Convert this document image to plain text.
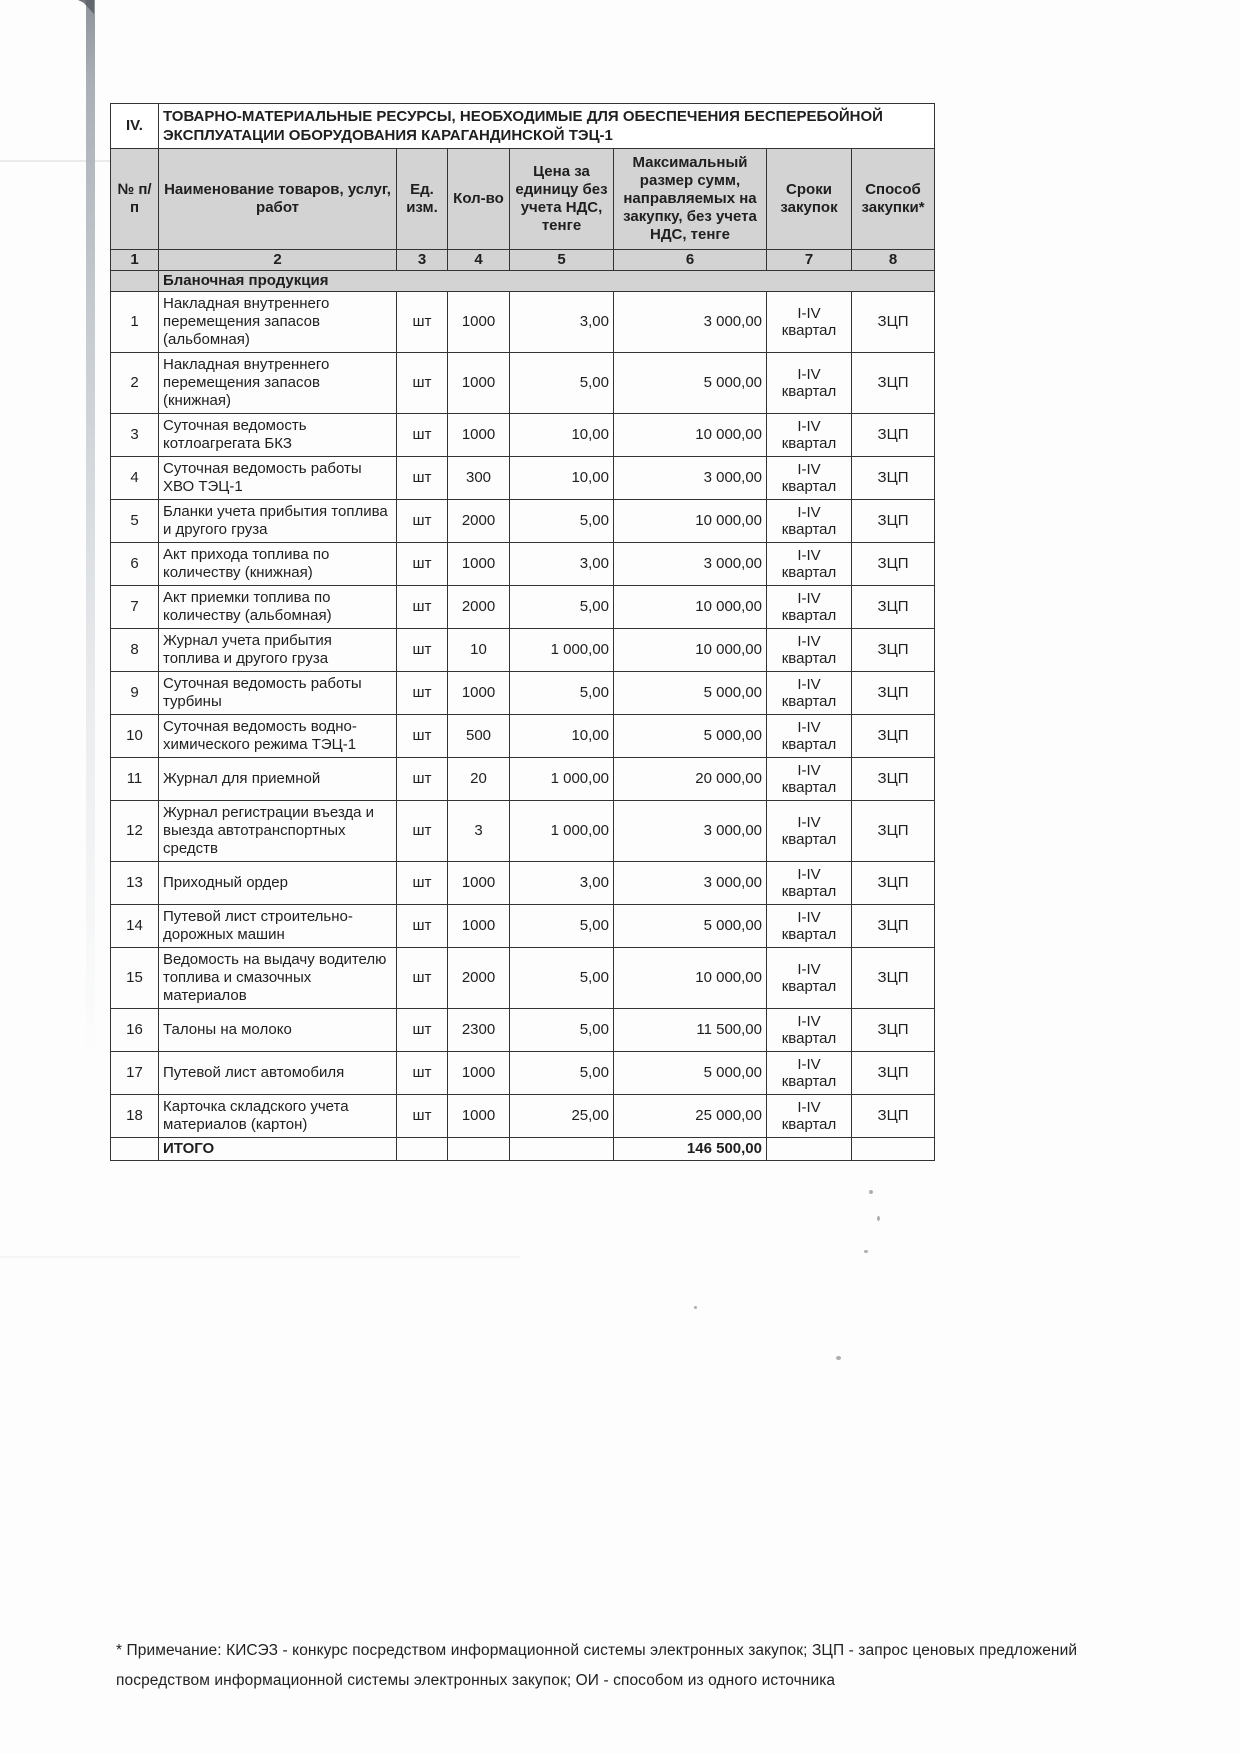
IV.	ТОВАРНО-МАТЕРИАЛЬНЫЕ РЕСУРСЫ, НЕОБХОДИМЫЕ ДЛЯ ОБЕСПЕЧЕНИЯ БЕСПЕРЕБОЙНОЙ ЭКСПЛУАТАЦИИ ОБОРУДОВАНИЯ КАРАГАНДИНСКОЙ ТЭЦ-1						
№ п/п	Наименование товаров, услуг, работ	Ед. изм.	Кол-во	Цена за единицу без учета НДС, тенге	Максимальный размер сумм, направляемых на закупку, без учета НДС, тенге	Сроки закупок	Способ закупки*
1	2	3	4	5	6	7	8
	Бланочная продукция						
1	Накладная внутреннего перемещения запасов (альбомная)	шт	1000	3,00	3 000,00	I-IV квартал	ЗЦП
2	Накладная внутреннего перемещения запасов (книжная)	шт	1000	5,00	5 000,00	I-IV квартал	ЗЦП
3	Суточная ведомость котлоагрегата БКЗ	шт	1000	10,00	10 000,00	I-IV квартал	ЗЦП
4	Суточная ведомость работы ХВО ТЭЦ-1	шт	300	10,00	3 000,00	I-IV квартал	ЗЦП
5	Бланки учета прибытия топлива и другого груза	шт	2000	5,00	10 000,00	I-IV квартал	ЗЦП
6	Акт прихода топлива по количеству (книжная)	шт	1000	3,00	3 000,00	I-IV квартал	ЗЦП
7	Акт приемки топлива по количеству (альбомная)	шт	2000	5,00	10 000,00	I-IV квартал	ЗЦП
8	Журнал учета прибытия топлива и другого груза	шт	10	1 000,00	10 000,00	I-IV квартал	ЗЦП
9	Суточная ведомость работы турбины	шт	1000	5,00	5 000,00	I-IV квартал	ЗЦП
10	Суточная ведомость водно-химического режима ТЭЦ-1	шт	500	10,00	5 000,00	I-IV квартал	ЗЦП
11	Журнал для приемной	шт	20	1 000,00	20 000,00	I-IV квартал	ЗЦП
12	Журнал регистрации въезда и выезда автотранспортных средств	шт	3	1 000,00	3 000,00	I-IV квартал	ЗЦП
13	Приходный ордер	шт	1000	3,00	3 000,00	I-IV квартал	ЗЦП
14	Путевой лист строительно-дорожных машин	шт	1000	5,00	5 000,00	I-IV квартал	ЗЦП
15	Ведомость на выдачу водителю топлива и смазочных материалов	шт	2000	5,00	10 000,00	I-IV квартал	ЗЦП
16	Талоны на молоко	шт	2300	5,00	11 500,00	I-IV квартал	ЗЦП
17	Путевой лист автомобиля	шт	1000	5,00	5 000,00	I-IV квартал	ЗЦП
18	Карточка складского учета материалов (картон)	шт	1000	25,00	25 000,00	I-IV квартал	ЗЦП
	ИТОГО				146 500,00		
* Примечание: КИСЭЗ - конкурс посредством информационной системы электронных закупок; ЗЦП - запрос ценовых предложений посредством информационной системы электронных закупок; ОИ - способом из одного источника
